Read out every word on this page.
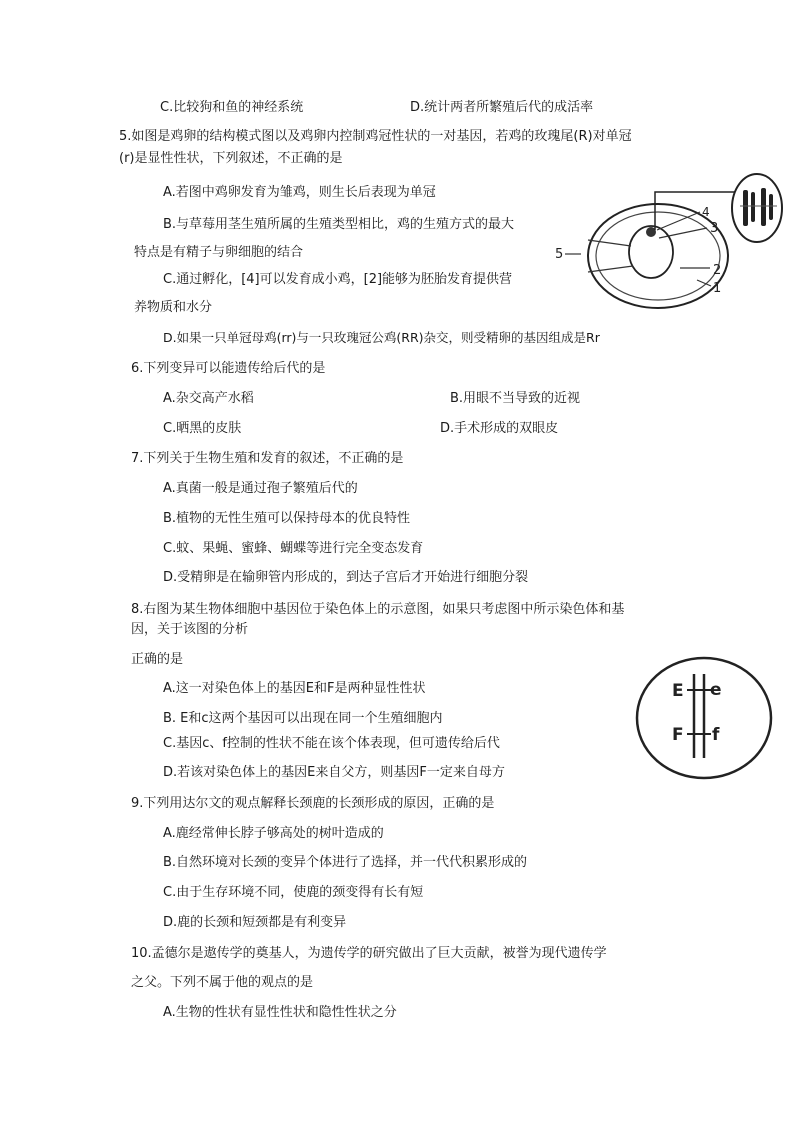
C.比较狗和鱼的神经系统	D.统计两者所繁殖后代的成活率
5.如图是鸡卵的结构模式图以及鸡卵内控制鸡冠性状的一对基因，若鸡的玫瑰尾(R)对单冠
(r)是显性性状，下列叙述，不正确的是
A.若图中鸡卵发育为雏鸡，则生长后表现为单冠
B.与草莓用茎生殖所属的生殖类型相比，鸡的生殖方式的最大
特点是有精子与卵细胞的结合
C.通过孵化，[4]可以发育成小鸡，[2]能够为胚胎发育提供营
养物质和水分
D.如果一只单冠母鸡(rr)与一只玫瑰冠公鸡(RR)杂交，则受精卵的基因组成是Rr
4
3
2
1
5
6.下列变异可以能遗传给后代的是
A.杂交高产水稻	B.用眼不当导致的近视
C.晒黑的皮肤	D.手术形成的双眼皮
7.下列关于生物生殖和发育的叙述，不正确的是
A.真菌一般是通过孢子繁殖后代的
B.植物的无性生殖可以保持母本的优良特性
C.蚊、果蝇、蜜蜂、蝴蝶等进行完全变态发育
D.受精卵是在输卵管内形成的，到达子宫后才开始进行细胞分裂
8.右图为某生物体细胞中基因位于染色体上的示意图，如果只考虑图中所示染色体和基
因，关于该图的分析
正确的是
A.这一对染色体上的基因E和F是两种显性性状
B. E和c这两个基因可以出现在同一个生殖细胞内
C.基因c、f控制的性状不能在该个体表现，但可遗传给后代
D.若该对染色体上的基因E来自父方，则基因F一定来自母方
E e
F f
9.下列用达尔文的观点解释长颈鹿的长颈形成的原因，正确的是
A.鹿经常伸长脖子够高处的树叶造成的
B.自然环境对长颈的变异个体进行了选择，并一代代积累形成的
C.由于生存环境不同，使鹿的颈变得有长有短
D.鹿的长颈和短颈都是有利变异
10.孟德尔是遨传学的奠基人，为遗传学的研究做出了巨大贡献，被誉为现代遗传学
之父。下列不属于他的观点的是
A.生物的性状有显性性状和隐性性状之分
